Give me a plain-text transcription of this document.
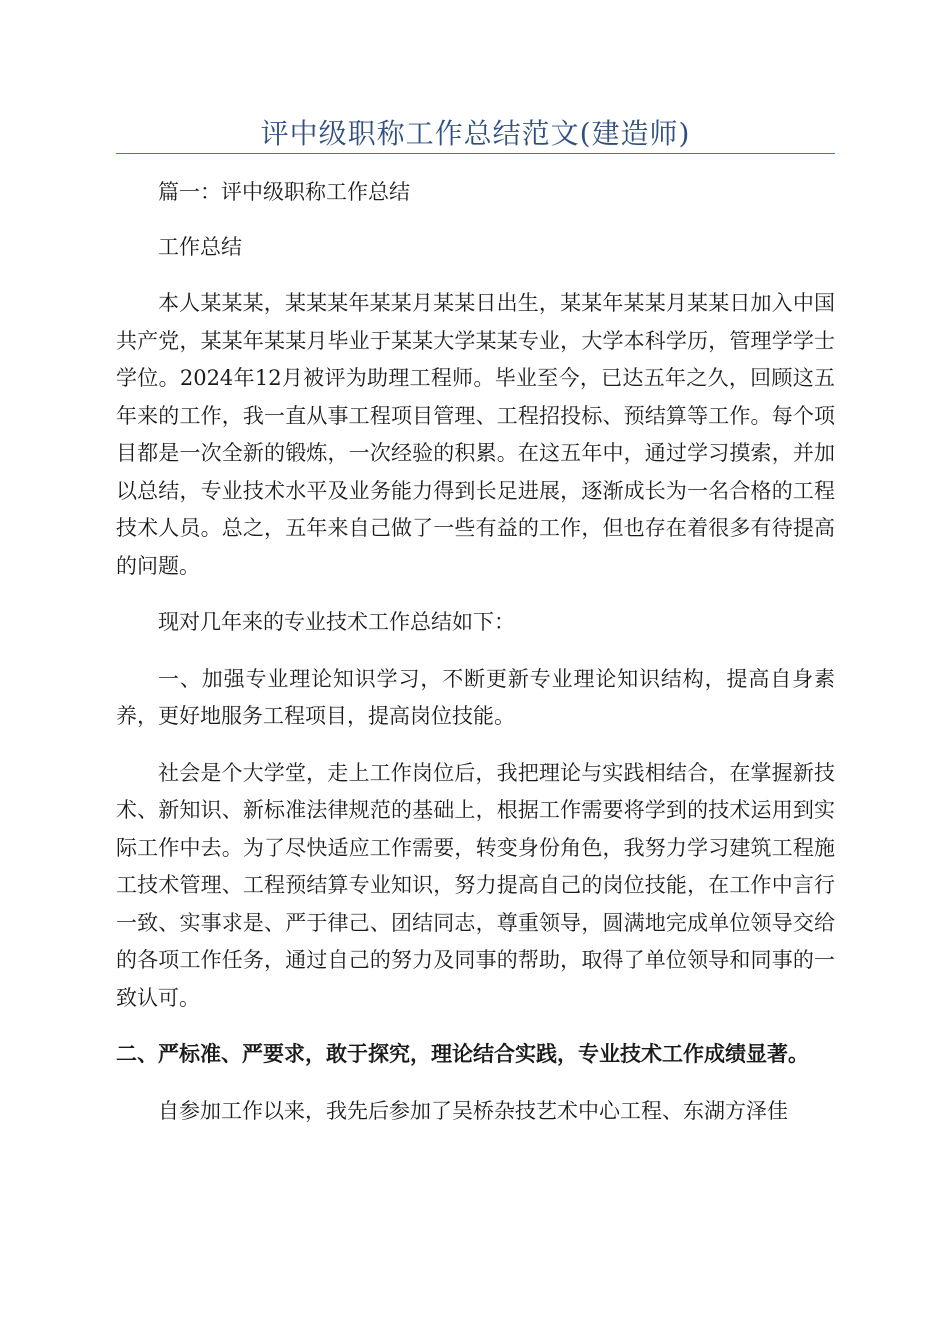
评中级职称工作总结范文(建造师)

篇一：评中级职称工作总结

工作总结

本人某某某，某某某年某某月某某日出生，某某年某某月某某日加入中国共产党，某某年某某月毕业于某某大学某某专业，大学本科学历，管理学学士学位。2024年12月被评为助理工程师。毕业至今，已达五年之久，回顾这五年来的工作，我一直从事工程项目管理、工程招投标、预结算等工作。每个项目都是一次全新的锻炼，一次经验的积累。在这五年中，通过学习摸索，并加以总结，专业技术水平及业务能力得到长足进展，逐渐成长为一名合格的工程技术人员。总之，五年来自己做了一些有益的工作，但也存在着很多有待提高的问题。

现对几年来的专业技术工作总结如下：

一、加强专业理论知识学习，不断更新专业理论知识结构，提高自身素养，更好地服务工程项目，提高岗位技能。

社会是个大学堂，走上工作岗位后，我把理论与实践相结合，在掌握新技术、新知识、新标准法律规范的基础上，根据工作需要将学到的技术运用到实际工作中去。为了尽快适应工作需要，转变身份角色，我努力学习建筑工程施工技术管理、工程预结算专业知识，努力提高自己的岗位技能，在工作中言行一致、实事求是、严于律己、团结同志，尊重领导，圆满地完成单位领导交给的各项工作任务，通过自己的努力及同事的帮助，取得了单位领导和同事的一致认可。

二、严标准、严要求，敢于探究，理论结合实践，专业技术工作成绩显著。

自参加工作以来，我先后参加了吴桥杂技艺术中心工程、东湖方泽佳
